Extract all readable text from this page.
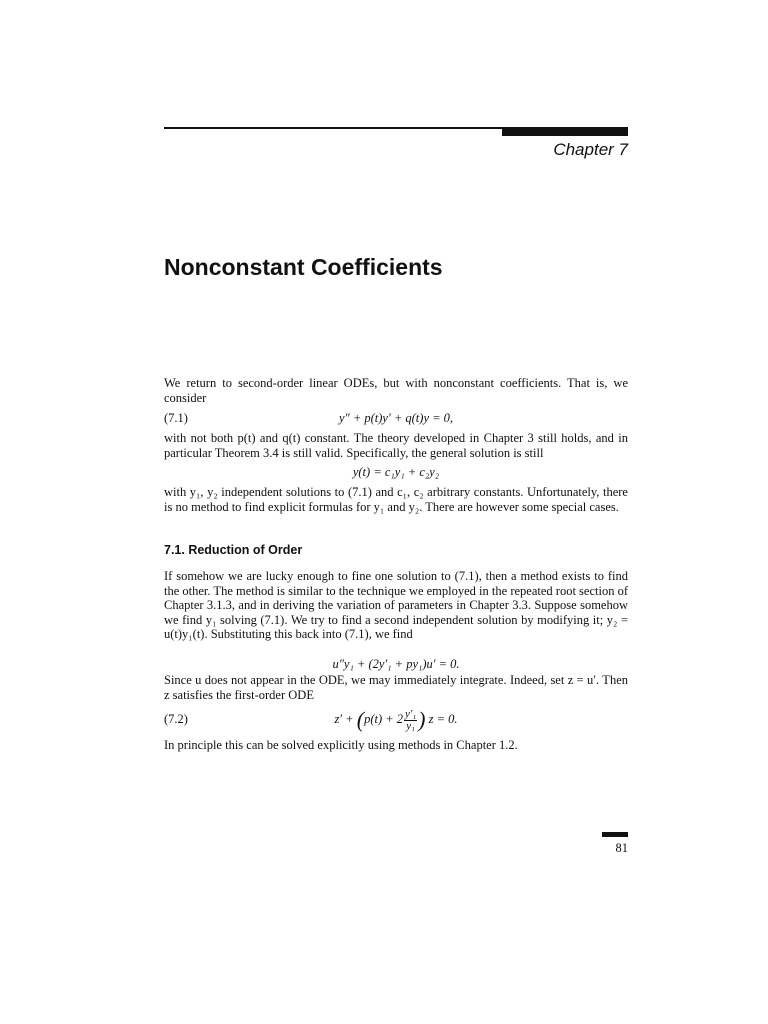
Chapter 7
Nonconstant Coefficients
We return to second-order linear ODEs, but with nonconstant coefficients. That is, we consider
(7.1)	y″ + p(t)y′ + q(t)y = 0,
with not both p(t) and q(t) constant. The theory developed in Chapter 3 still holds, and in particular Theorem 3.4 is still valid. Specifically, the general solution is still
y(t) = c₁y₁ + c₂y₂
with y₁, y₂ independent solutions to (7.1) and c₁, c₂ arbitrary constants. Unfortunately, there is no method to find explicit formulas for y₁ and y₂. There are however some special cases.
7.1. Reduction of Order
If somehow we are lucky enough to fine one solution to (7.1), then a method exists to find the other. The method is similar to the technique we employed in the repeated root section of Chapter 3.1.3, and in deriving the variation of parameters in Chapter 3.3. Suppose somehow we find y₁ solving (7.1). We try to find a second independent solution by modifying it; y₂ = u(t)y₁(t). Substituting this back into (7.1), we find
u″y₁ + (2y′₁ + py₁)u′ = 0.
Since u does not appear in the ODE, we may immediately integrate. Indeed, set z = u′. Then z satisfies the first-order ODE
(7.2)	$z' + (p(t) + 2 \frac{\text{y′₁}}{\text{y₁}}$ ) z = 0.
In principle this can be solved explicitly using methods in Chapter 1.2.
81
